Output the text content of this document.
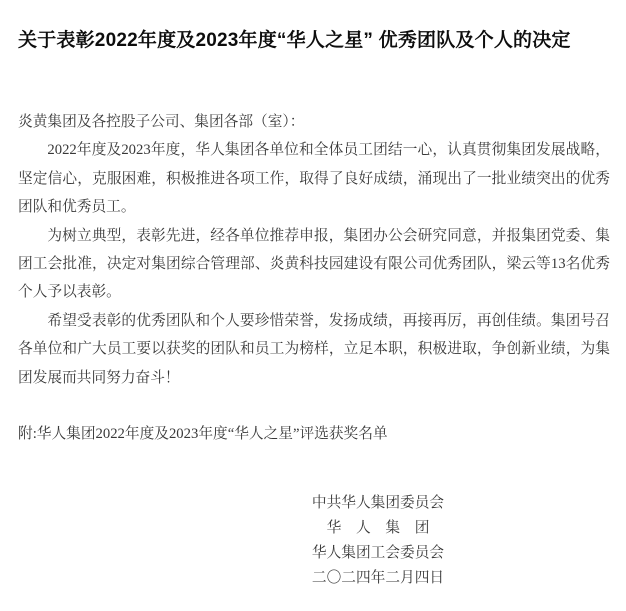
关于表彰2022年度及2023年度“华人之星” 优秀团队及个人的决定

炎黄集团及各控股子公司、集团各部（室）：

2022年度及2023年度，华人集团各单位和全体员工团结一心，认真贯彻集团发展战略，坚定信心，克服困难，积极推进各项工作，取得了良好成绩，涌现出了一批业绩突出的优秀团队和优秀员工。

为树立典型，表彰先进，经各单位推荐申报，集团办公会研究同意，并报集团党委、集团工会批准，决定对集团综合管理部、炎黄科技园建设有限公司优秀团队，梁云等13名优秀个人予以表彰。

希望受表彰的优秀团队和个人要珍惜荣誉，发扬成绩，再接再厉，再创佳绩。集团号召各单位和广大员工要以获奖的团队和员工为榜样，立足本职，积极进取，争创新业绩，为集团发展而共同努力奋斗！

附:华人集团2022年度及2023年度“华人之星”评选获奖名单

中共华人集团委员会
华　人　集　团
华人集团工会委员会
二〇二四年二月四日
